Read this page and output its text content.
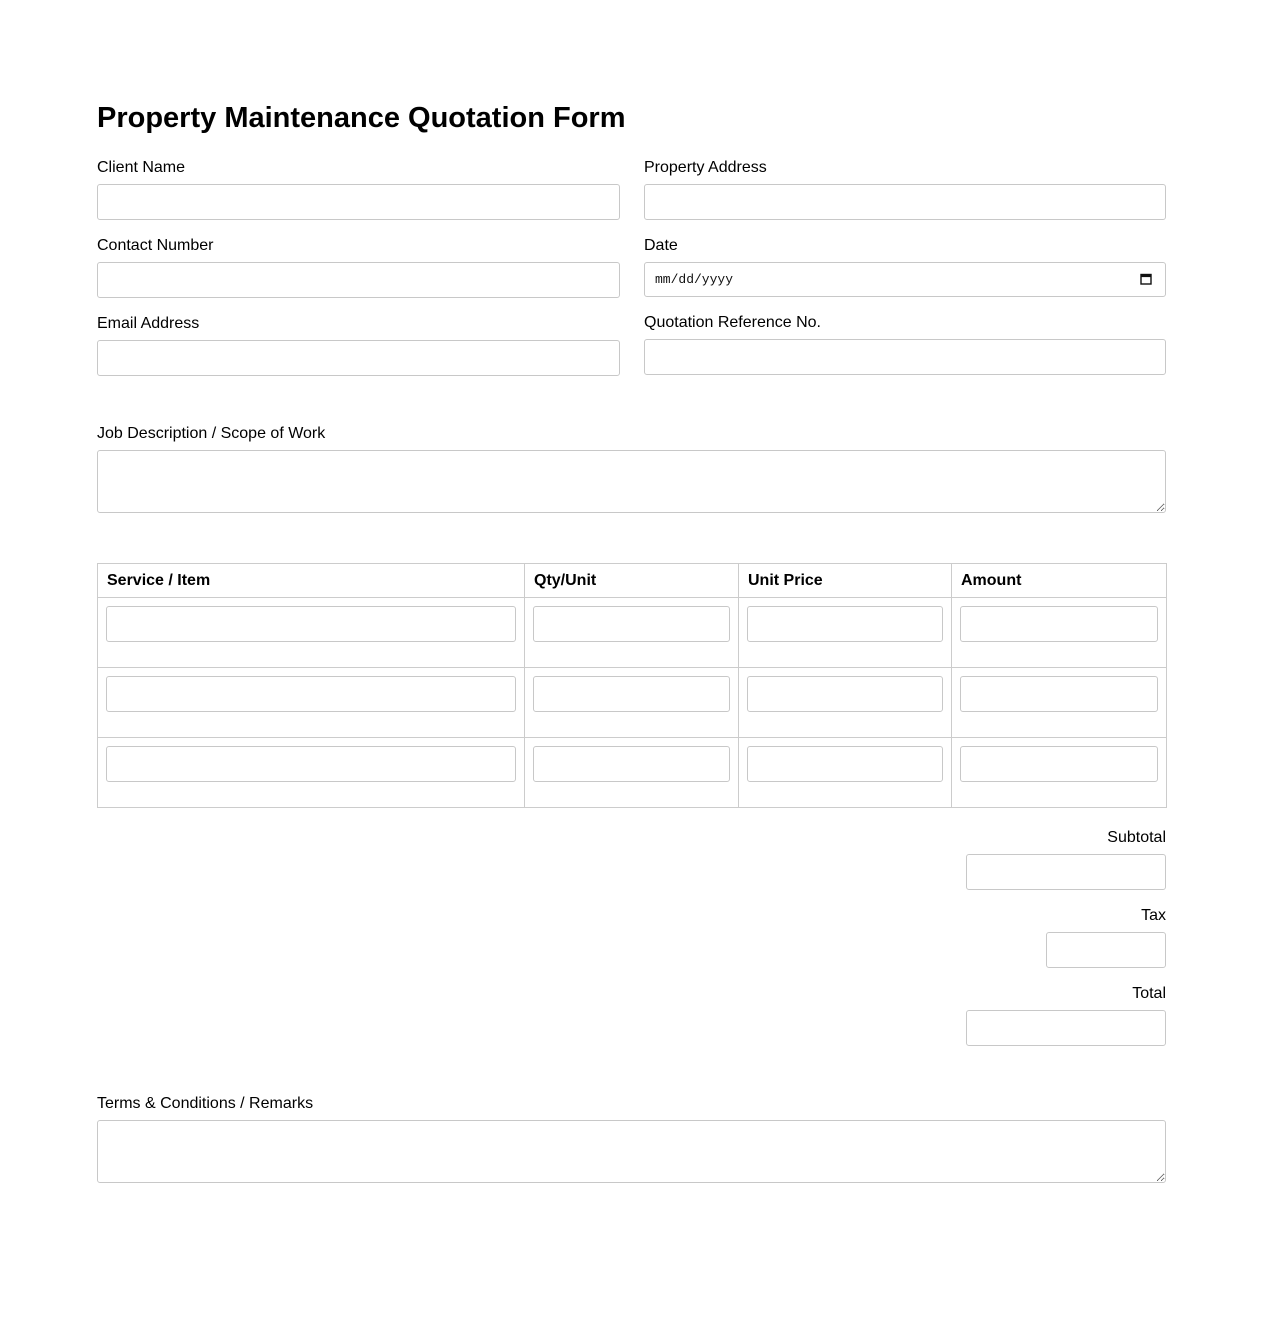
Property Maintenance Quotation Form
Client Name	Property Address
Contact Number	Date
mm/dd/yyyy
Email Address	Quotation Reference No.
Job Description / Scope of Work
Service / Item	Qty/Unit	Unit Price	Amount

Subtotal
Tax
Total
Terms & Conditions / Remarks
